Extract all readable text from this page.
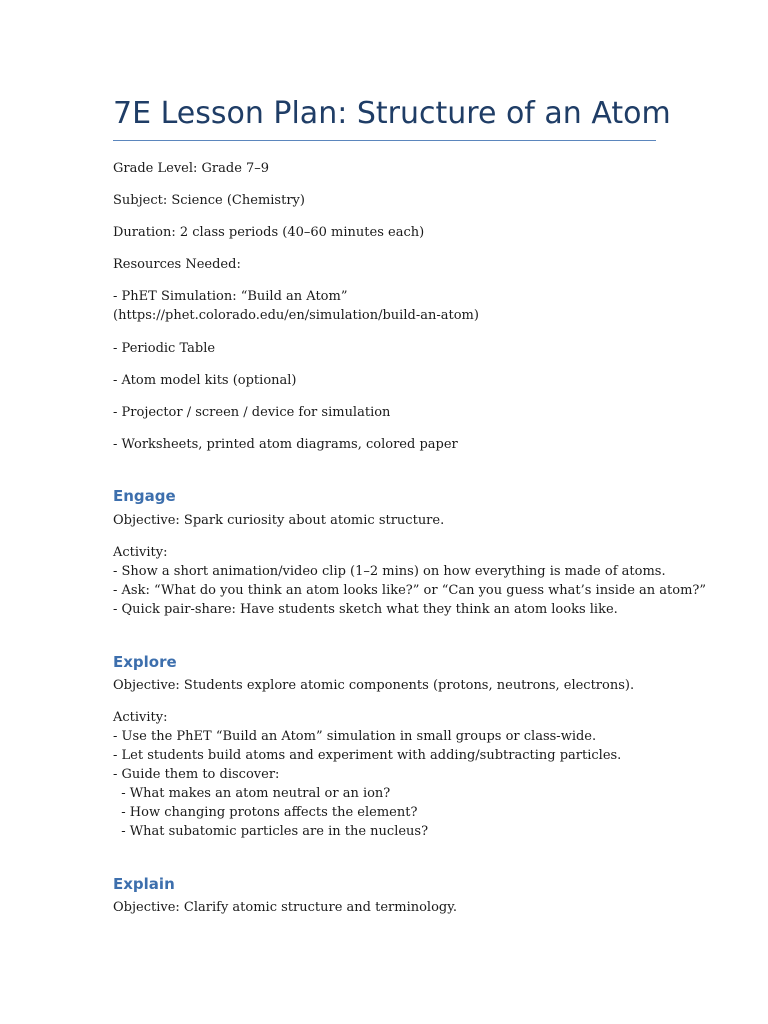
7E Lesson Plan: Structure of an Atom

Grade Level: Grade 7–9

Subject: Science (Chemistry)

Duration: 2 class periods (40–60 minutes each)

Resources Needed:

- PhET Simulation: “Build an Atom” (https://phet.colorado.edu/en/simulation/build-an-atom)

- Periodic Table

- Atom model kits (optional)

- Projector / screen / device for simulation

- Worksheets, printed atom diagrams, colored paper

Engage

Objective: Spark curiosity about atomic structure.

Activity:

- Show a short animation/video clip (1–2 mins) on how everything is made of atoms.

- Ask: “What do you think an atom looks like?” or “Can you guess what’s inside an atom?”

- Quick pair-share: Have students sketch what they think an atom looks like.

Explore

Objective: Students explore atomic components (protons, neutrons, electrons).

Activity:

- Use the PhET “Build an Atom” simulation in small groups or class-wide.

- Let students build atoms and experiment with adding/subtracting particles.

- Guide them to discover:

- What makes an atom neutral or an ion?

- How changing protons affects the element?

- What subatomic particles are in the nucleus?

Explain

Objective: Clarify atomic structure and terminology.
